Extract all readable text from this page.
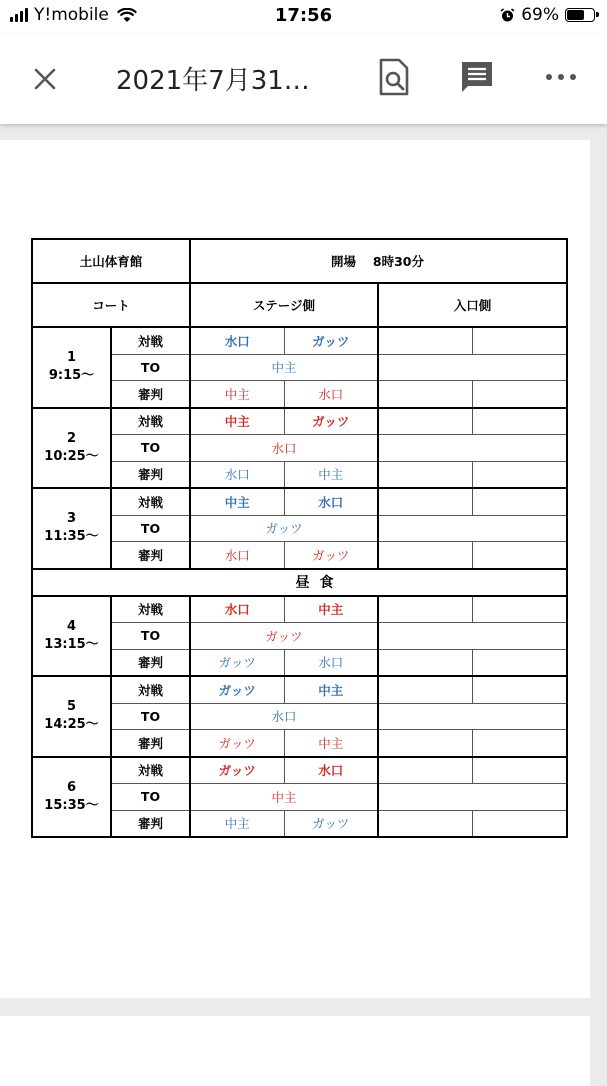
Y!mobile	17:56	69%
2021年7月31…
土山体育館		開場　 8時30分			
コート		ステージ側		入口側	

1
9:15～	対戦	水口	ガッツ		
	TO	中主			
	審判	中主	水口		

2
10:25～	対戦	中主	ガッツ		
	TO	水口			
	審判	水口	中主		

3
11:35～	対戦	中主	水口		
	TO	ガッツ			
	審判	水口	ガッツ		
昼食					

4
13:15～	対戦	水口	中主		
	TO	ガッツ			
	審判	ガッツ	水口		

5
14:25～	対戦	ガッツ	中主		
	TO	水口			
	審判	ガッツ	中主		

6
15:35～	対戦	ガッツ	水口		
	TO	中主			
	審判	中主	ガッツ		
